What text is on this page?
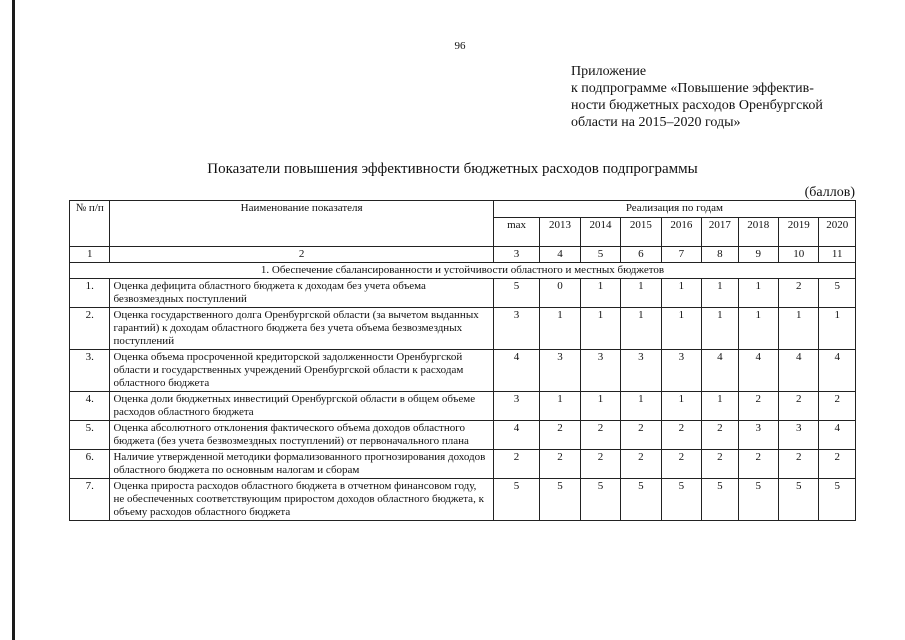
96
Приложение
к подпрограмме «Повышение эффектив-
ности бюджетных расходов Оренбургской
области на 2015–2020 годы»
Показатели повышения эффективности бюджетных расходов подпрограммы
(баллов)
№ п/п	Наименование показателя	Реализация по годам								
		max	2013	2014	2015	2016	2017	2018	2019	2020
1	2	3	4	5	6	7	8	9	10	11
1. Обеспечение сбалансированности и устойчивости областного и местных бюджетов										
1.	Оценка дефицита областного бюджета к доходам без учета объема безвозмездных поступлений	5	0	1	1	1	1	1	2	5
2.	Оценка государственного долга Оренбургской области (за вычетом выданных гарантий) к доходам областного бюджета без учета объема безвозмездных поступлений	3	1	1	1	1	1	1	1	1
3.	Оценка объема просроченной кредиторской задолженности Оренбургской области и государственных учреждений Оренбургской области к расходам областного бюджета	4	3	3	3	3	4	4	4	4
4.	Оценка доли бюджетных инвестиций Оренбургской области в общем объеме расходов областного бюджета	3	1	1	1	1	1	2	2	2
5.	Оценка абсолютного отклонения фактического объема доходов областного бюджета (без учета безвозмездных поступлений) от первоначального плана	4	2	2	2	2	2	3	3	4
6.	Наличие утвержденной методики формализованного прогнозирования доходов областного бюджета по основным налогам и сборам	2	2	2	2	2	2	2	2	2
7.	Оценка прироста расходов областного бюджета в отчетном финансовом году, не обеспеченных соответствующим приростом доходов областного бюджета, к объему расходов областного бюджета	5	5	5	5	5	5	5	5	5
